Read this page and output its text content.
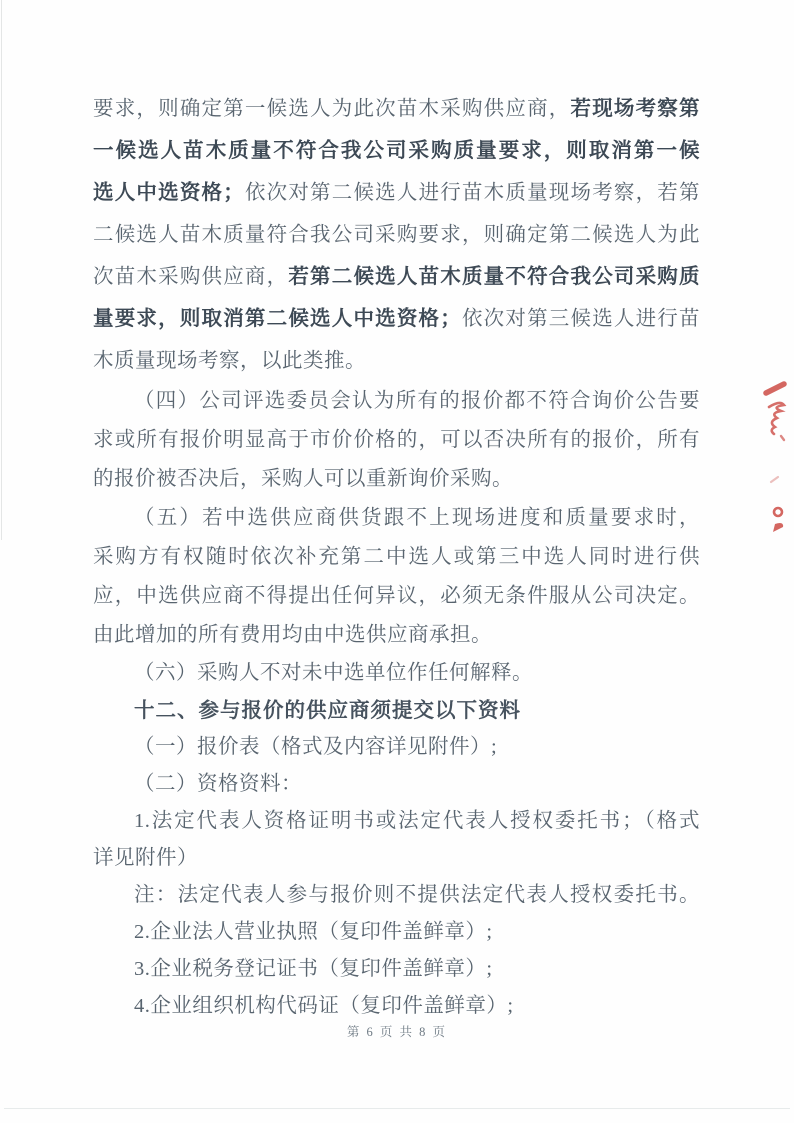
要求，则确定第一候选人为此次苗木采购供应商，若现场考察第
一候选人苗木质量不符合我公司采购质量要求，则取消第一候
选人中选资格；依次对第二候选人进行苗木质量现场考察，若第
二候选人苗木质量符合我公司采购要求，则确定第二候选人为此
次苗木采购供应商，若第二候选人苗木质量不符合我公司采购质
量要求，则取消第二候选人中选资格；依次对第三候选人进行苗
木质量现场考察，以此类推。
（四）公司评选委员会认为所有的报价都不符合询价公告要
求或所有报价明显高于市价价格的，可以否决所有的报价，所有
的报价被否决后，采购人可以重新询价采购。
（五）若中选供应商供货跟不上现场进度和质量要求时，
采购方有权随时依次补充第二中选人或第三中选人同时进行供
应，中选供应商不得提出任何异议，必须无条件服从公司决定。
由此增加的所有费用均由中选供应商承担。
（六）采购人不对未中选单位作任何解释。
十二、参与报价的供应商须提交以下资料
（一）报价表（格式及内容详见附件）;
（二）资格资料：
1.法定代表人资格证明书或法定代表人授权委托书；（格式
详见附件）
注：法定代表人参与报价则不提供法定代表人授权委托书。
2.企业法人营业执照（复印件盖鲜章）;
3.企业税务登记证书（复印件盖鲜章）;
4.企业组织机构代码证（复印件盖鲜章）;
第 6 页 共 8 页
